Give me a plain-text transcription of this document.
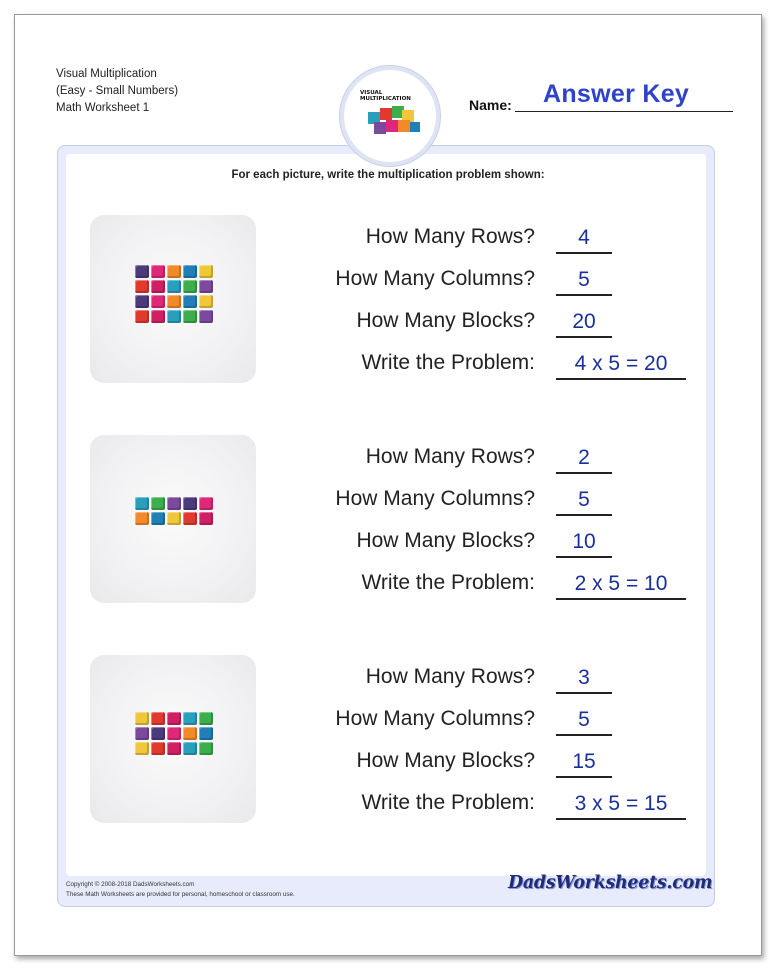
Visual Multiplication
(Easy - Small Numbers)
Math Worksheet 1
VISUAL
MULTIPLICATION	Name: Answer Key
For each picture, write the multiplication problem shown:
How Many Rows?	4
How Many Columns?	5
How Many Blocks?	20
Write the Problem:	4 x 5 = 20
How Many Rows?	2
How Many Columns?	5
How Many Blocks?	10
Write the Problem:	2 x 5 = 10
How Many Rows?	3
How Many Columns?	5
How Many Blocks?	15
Write the Problem:	3 x 5 = 15
Copyright © 2008-2018 DadsWorksheets.com
These Math Worksheets are provided for personal, homeschool or classroom use.
DadsWorksheets.com
